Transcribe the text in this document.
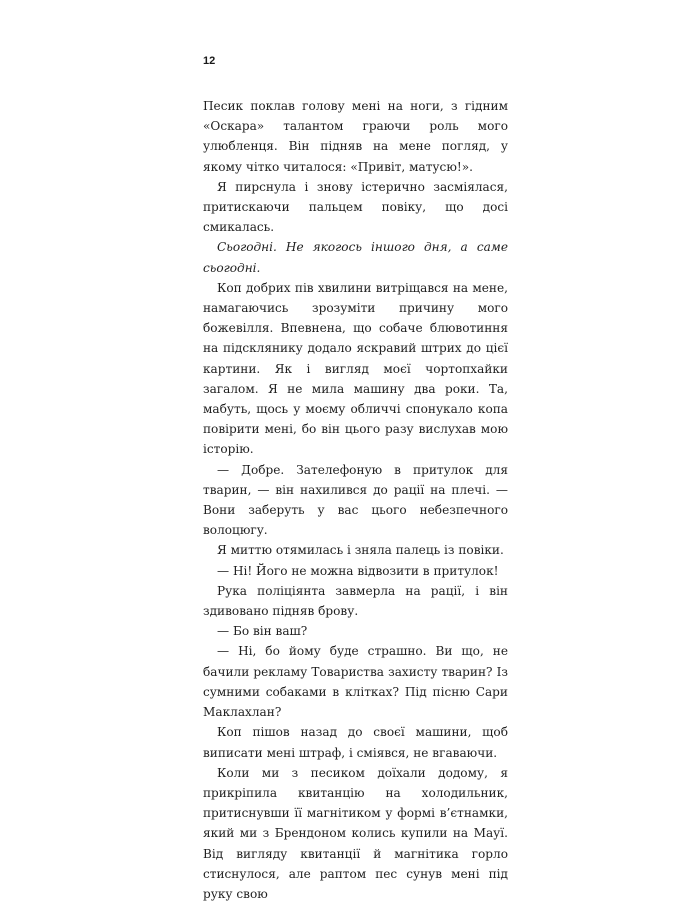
12

Песик поклав голову мені на ноги, з гідним «Оскара» талантом граючи роль мого улюбленця. Він підняв на мене погляд, у якому чітко читалося: «Привіт, матусю!».

Я пирснула і знову істерично засміялася, притискаючи пальцем повіку, що досі смикалась.

Сьогодні. Не якогось іншого дня, а саме сьогодні.

Коп добрих пів хвилини витріщався на мене, намагаючись зрозуміти причину мого божевілля. Впевнена, що собаче блювотиння на підсклянику додало яскравий штрих до цієї картини. Як і вигляд моєї чортопхайки загалом. Я не мила машину два роки. Та, мабуть, щось у моєму обличчі спонукало копа повірити мені, бо він цього разу вислухав мою історію.

— Добре. Зателефоную в притулок для тварин, — він нахилився до рації на плечі. — Вони заберуть у вас цього небезпечного волоцюгу.

Я миттю отямилась і зняла палець із повіки.

— Ні! Його не можна відвозити в притулок!

Рука поліціянта завмерла на рації, і він здивовано підняв брову.

— Бо він ваш?

— Ні, бо йому буде страшно. Ви що, не бачили рекламу Товариства захисту тварин? Із сумними собаками в клітках? Під пісню Сари Маклахлан?

Коп пішов назад до своєї машини, щоб виписати мені штраф, і сміявся, не вгаваючи.

Коли ми з песиком доїхали додому, я прикріпила квитанцію на холодильник, притиснувши її магнітиком у формі в’єтнамки, який ми з Брендоном колись купили на Мауї. Від вигляду квитанції й магнітика горло стиснулося, але раптом пес сунув мені під руку свою
